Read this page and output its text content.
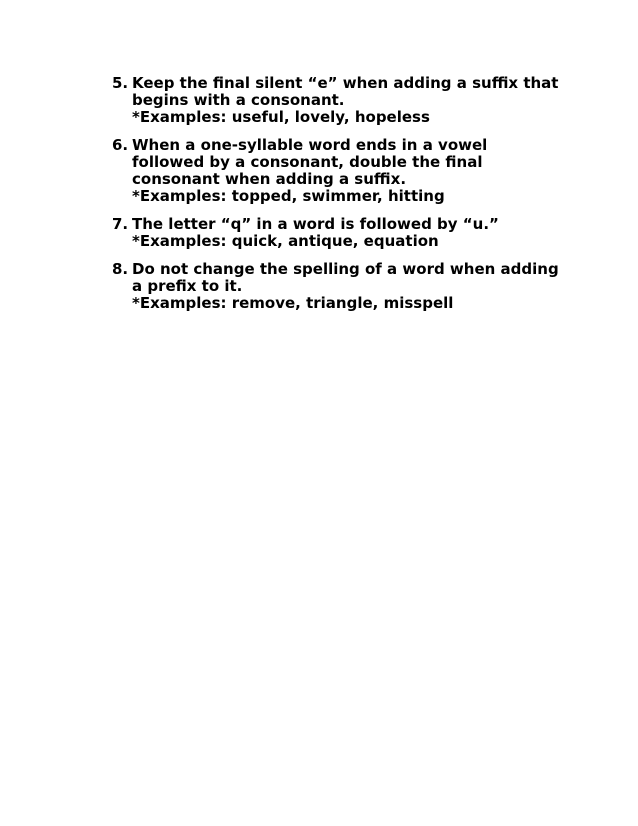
5. Keep the final silent “e” when adding a suffix that
begins with a consonant.
*Examples: useful, lovely, hopeless
6. When a one-syllable word ends in a vowel
followed by a consonant, double the final
consonant when adding a suffix.
*Examples: topped, swimmer, hitting
7. The letter “q” in a word is followed by “u.”
*Examples: quick, antique, equation
8. Do not change the spelling of a word when adding
a prefix to it.
*Examples: remove, triangle, misspell
